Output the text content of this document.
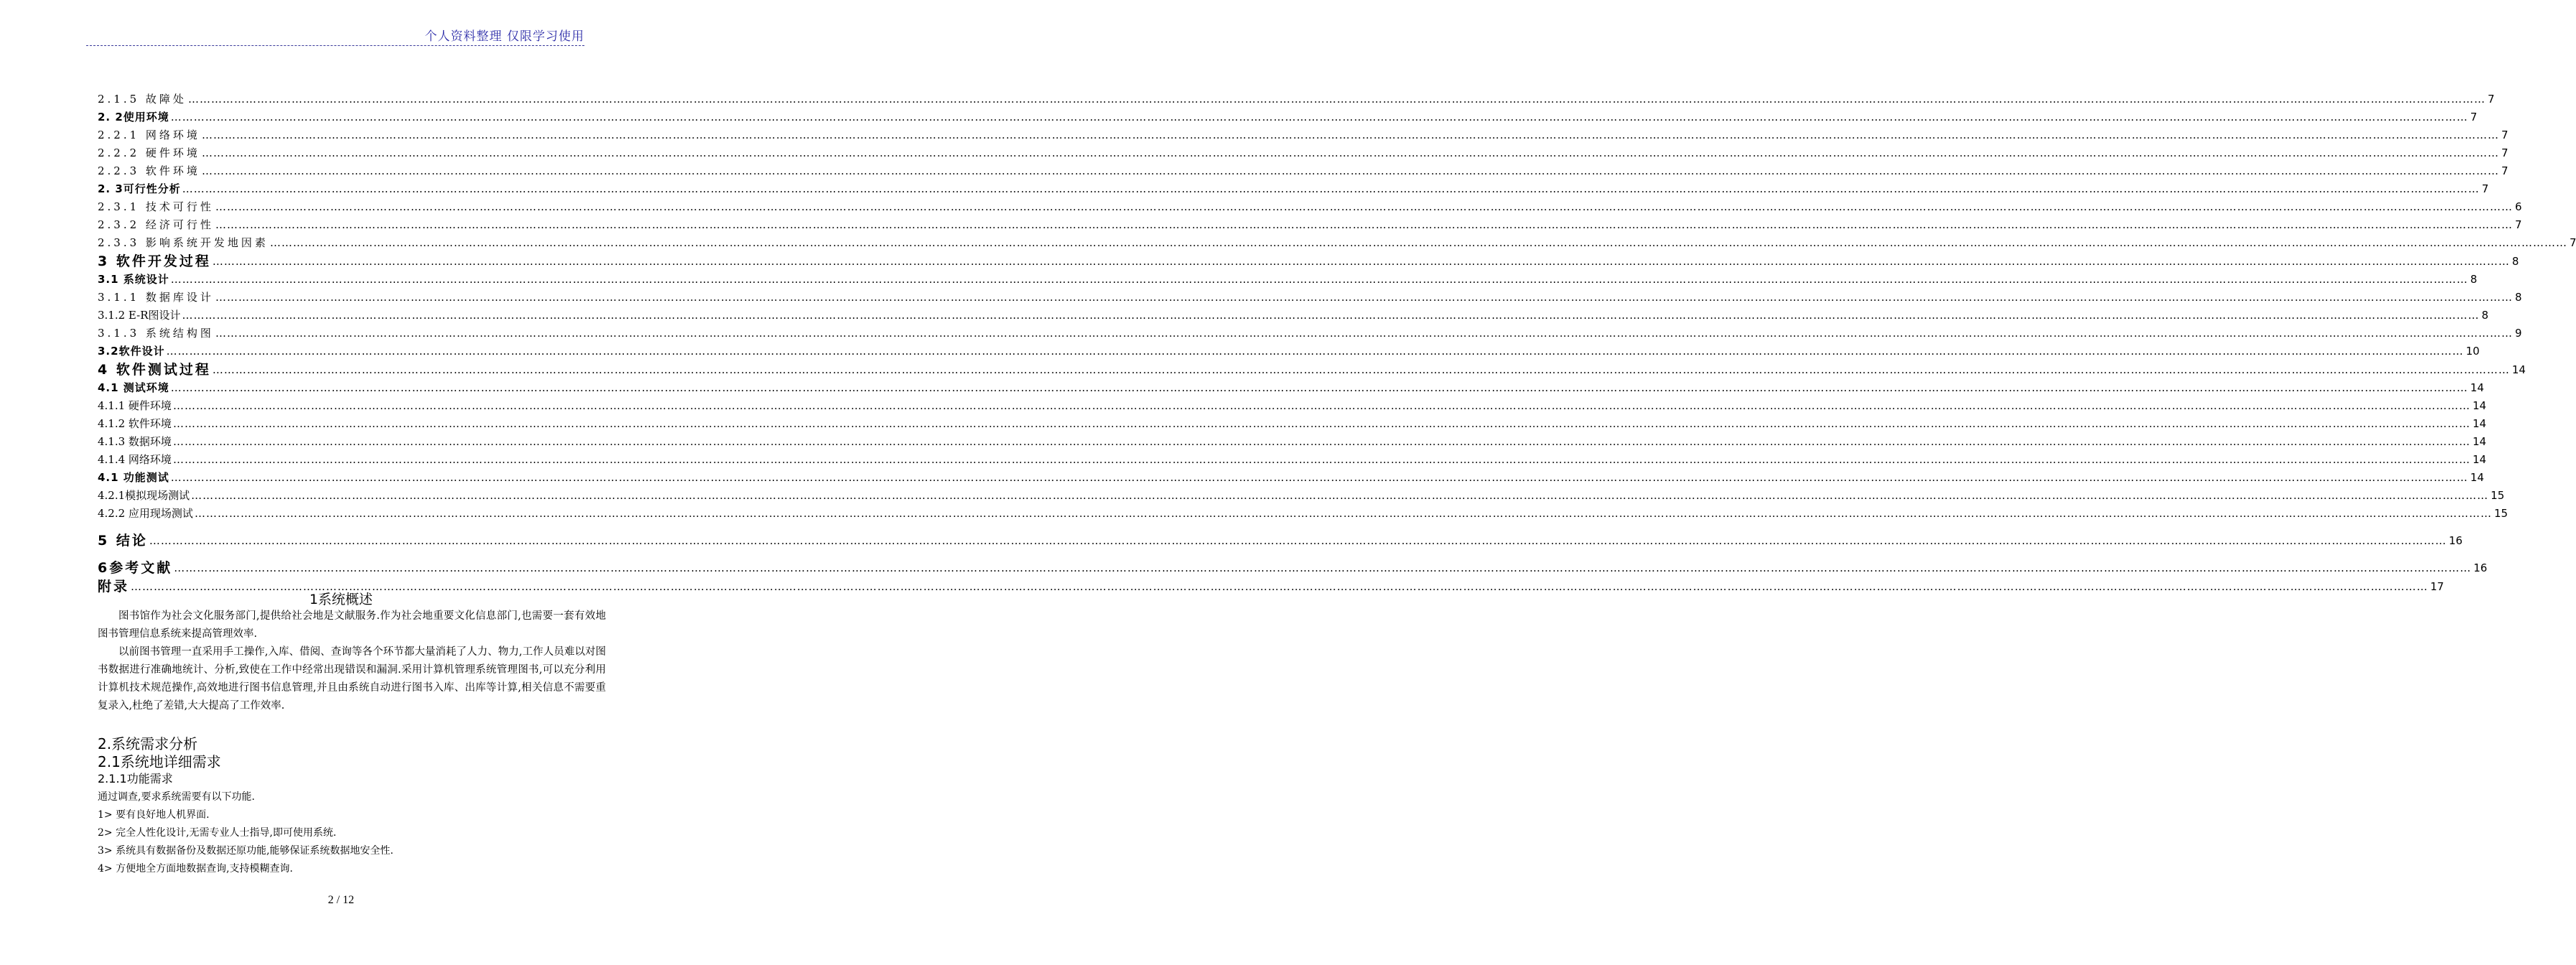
个人资料整理 仅限学习使用
2.1.5 故障处 …………………………………………………………………………………………………………………………………………………………………………………………………………………………………………………………………………………………………………………………………………………………………………………………………………………………………………………………………………………………………………………………………………………… 7
2. 2使用环境 …………………………………………………………………………………………………………………………………………………………………………………………………………………………………………………………………………………………………………………………………………………………………………………………………………………………………………………………………………………………………………………………………………………… 7
2.2.1 网络环境 …………………………………………………………………………………………………………………………………………………………………………………………………………………………………………………………………………………………………………………………………………………………………………………………………………………………………………………………………………………………………………………………………………………… 7
2.2.2 硬件环境 …………………………………………………………………………………………………………………………………………………………………………………………………………………………………………………………………………………………………………………………………………………………………………………………………………………………………………………………………………………………………………………………………………………… 7
2.2.3 软件环境 …………………………………………………………………………………………………………………………………………………………………………………………………………………………………………………………………………………………………………………………………………………………………………………………………………………………………………………………………………………………………………………………………………………… 7
2. 3可行性分析 …………………………………………………………………………………………………………………………………………………………………………………………………………………………………………………………………………………………………………………………………………………………………………………………………………………………………………………………………………………………………………………………………………………… 7
2.3.1 技术可行性 …………………………………………………………………………………………………………………………………………………………………………………………………………………………………………………………………………………………………………………………………………………………………………………………………………………………………………………………………………………………………………………………………………………… 6
2.3.2 经济可行性 …………………………………………………………………………………………………………………………………………………………………………………………………………………………………………………………………………………………………………………………………………………………………………………………………………………………………………………………………………………………………………………………………………………… 7
2.3.3 影响系统开发地因素 …………………………………………………………………………………………………………………………………………………………………………………………………………………………………………………………………………………………………………………………………………………………………………………………………………………………………………………………………………………………………………………………………………………… 7
3 软件开发过程 …………………………………………………………………………………………………………………………………………………………………………………………………………………………………………………………………………………………………………………………………………………………………………………………………………………………………………………………………………………………………………………………………………………… 8
3.1 系统设计 …………………………………………………………………………………………………………………………………………………………………………………………………………………………………………………………………………………………………………………………………………………………………………………………………………………………………………………………………………………………………………………………………………………… 8
3.1.1 数据库设计 …………………………………………………………………………………………………………………………………………………………………………………………………………………………………………………………………………………………………………………………………………………………………………………………………………………………………………………………………………………………………………………………………………………… 8
3.1.2 E-R图设计 …………………………………………………………………………………………………………………………………………………………………………………………………………………………………………………………………………………………………………………………………………………………………………………………………………………………………………………………………………………………………………………………………………………… 8
3.1.3 系统结构图 …………………………………………………………………………………………………………………………………………………………………………………………………………………………………………………………………………………………………………………………………………………………………………………………………………………………………………………………………………………………………………………………………………………… 9
3.2软件设计 …………………………………………………………………………………………………………………………………………………………………………………………………………………………………………………………………………………………………………………………………………………………………………………………………………………………………………………………………………………………………………………………………………………… 10
4 软件测试过程 …………………………………………………………………………………………………………………………………………………………………………………………………………………………………………………………………………………………………………………………………………………………………………………………………………………………………………………………………………………………………………………………………………………… 14
4.1 测试环境 …………………………………………………………………………………………………………………………………………………………………………………………………………………………………………………………………………………………………………………………………………………………………………………………………………………………………………………………………………………………………………………………………………………… 14
4.1.1 硬件环境 …………………………………………………………………………………………………………………………………………………………………………………………………………………………………………………………………………………………………………………………………………………………………………………………………………………………………………………………………………………………………………………………………………………… 14
4.1.2 软件环境 …………………………………………………………………………………………………………………………………………………………………………………………………………………………………………………………………………………………………………………………………………………………………………………………………………………………………………………………………………………………………………………………………………………… 14
4.1.3 数据环境 …………………………………………………………………………………………………………………………………………………………………………………………………………………………………………………………………………………………………………………………………………………………………………………………………………………………………………………………………………………………………………………………………………………… 14
4.1.4 网络环境 …………………………………………………………………………………………………………………………………………………………………………………………………………………………………………………………………………………………………………………………………………………………………………………………………………………………………………………………………………………………………………………………………………………… 14
4.1 功能测试 …………………………………………………………………………………………………………………………………………………………………………………………………………………………………………………………………………………………………………………………………………………………………………………………………………………………………………………………………………………………………………………………………………………… 14
4.2.1模拟现场测试 …………………………………………………………………………………………………………………………………………………………………………………………………………………………………………………………………………………………………………………………………………………………………………………………………………………………………………………………………………………………………………………………………………………… 15
4.2.2 应用现场测试 …………………………………………………………………………………………………………………………………………………………………………………………………………………………………………………………………………………………………………………………………………………………………………………………………………………………………………………………………………………………………………………………………………………… 15
5 结论 …………………………………………………………………………………………………………………………………………………………………………………………………………………………………………………………………………………………………………………………………………………………………………………………………………………………………………………………………………………………………………………………………………………… 16
6参考文献 …………………………………………………………………………………………………………………………………………………………………………………………………………………………………………………………………………………………………………………………………………………………………………………………………………………………………………………………………………………………………………………………………………………… 16
附录 …………………………………………………………………………………………………………………………………………………………………………………………………………………………………………………………………………………………………………………………………………………………………………………………………………………………………………………………………………………………………………………………………………………… 17
1系统概述
图书馆作为社会文化服务部门,提供给社会地是文献服务.作为社会地重要文化信息部门,也需要一套有效地图书管理信息系统来提高管理效率.
以前图书管理一直采用手工操作,入库、借阅、查询等各个环节都大量消耗了人力、物力,工作人员难以对图书数据进行准确地统计、分析,致使在工作中经常出现错误和漏洞.采用计算机管理系统管理图书,可以充分利用计算机技术规范操作,高效地进行图书信息管理,并且由系统自动进行图书入库、出库等计算,相关信息不需要重复录入,杜绝了差错,大大提高了工作效率.
2.系统需求分析
2.1系统地详细需求
2.1.1功能需求
通过调查,要求系统需要有以下功能.
1> 要有良好地人机界面.
2> 完全人性化设计,无需专业人士指导,即可使用系统.
3> 系统具有数据备份及数据还原功能,能够保证系统数据地安全性.
4> 方便地全方面地数据查询,支持模糊查询.
2 / 12
